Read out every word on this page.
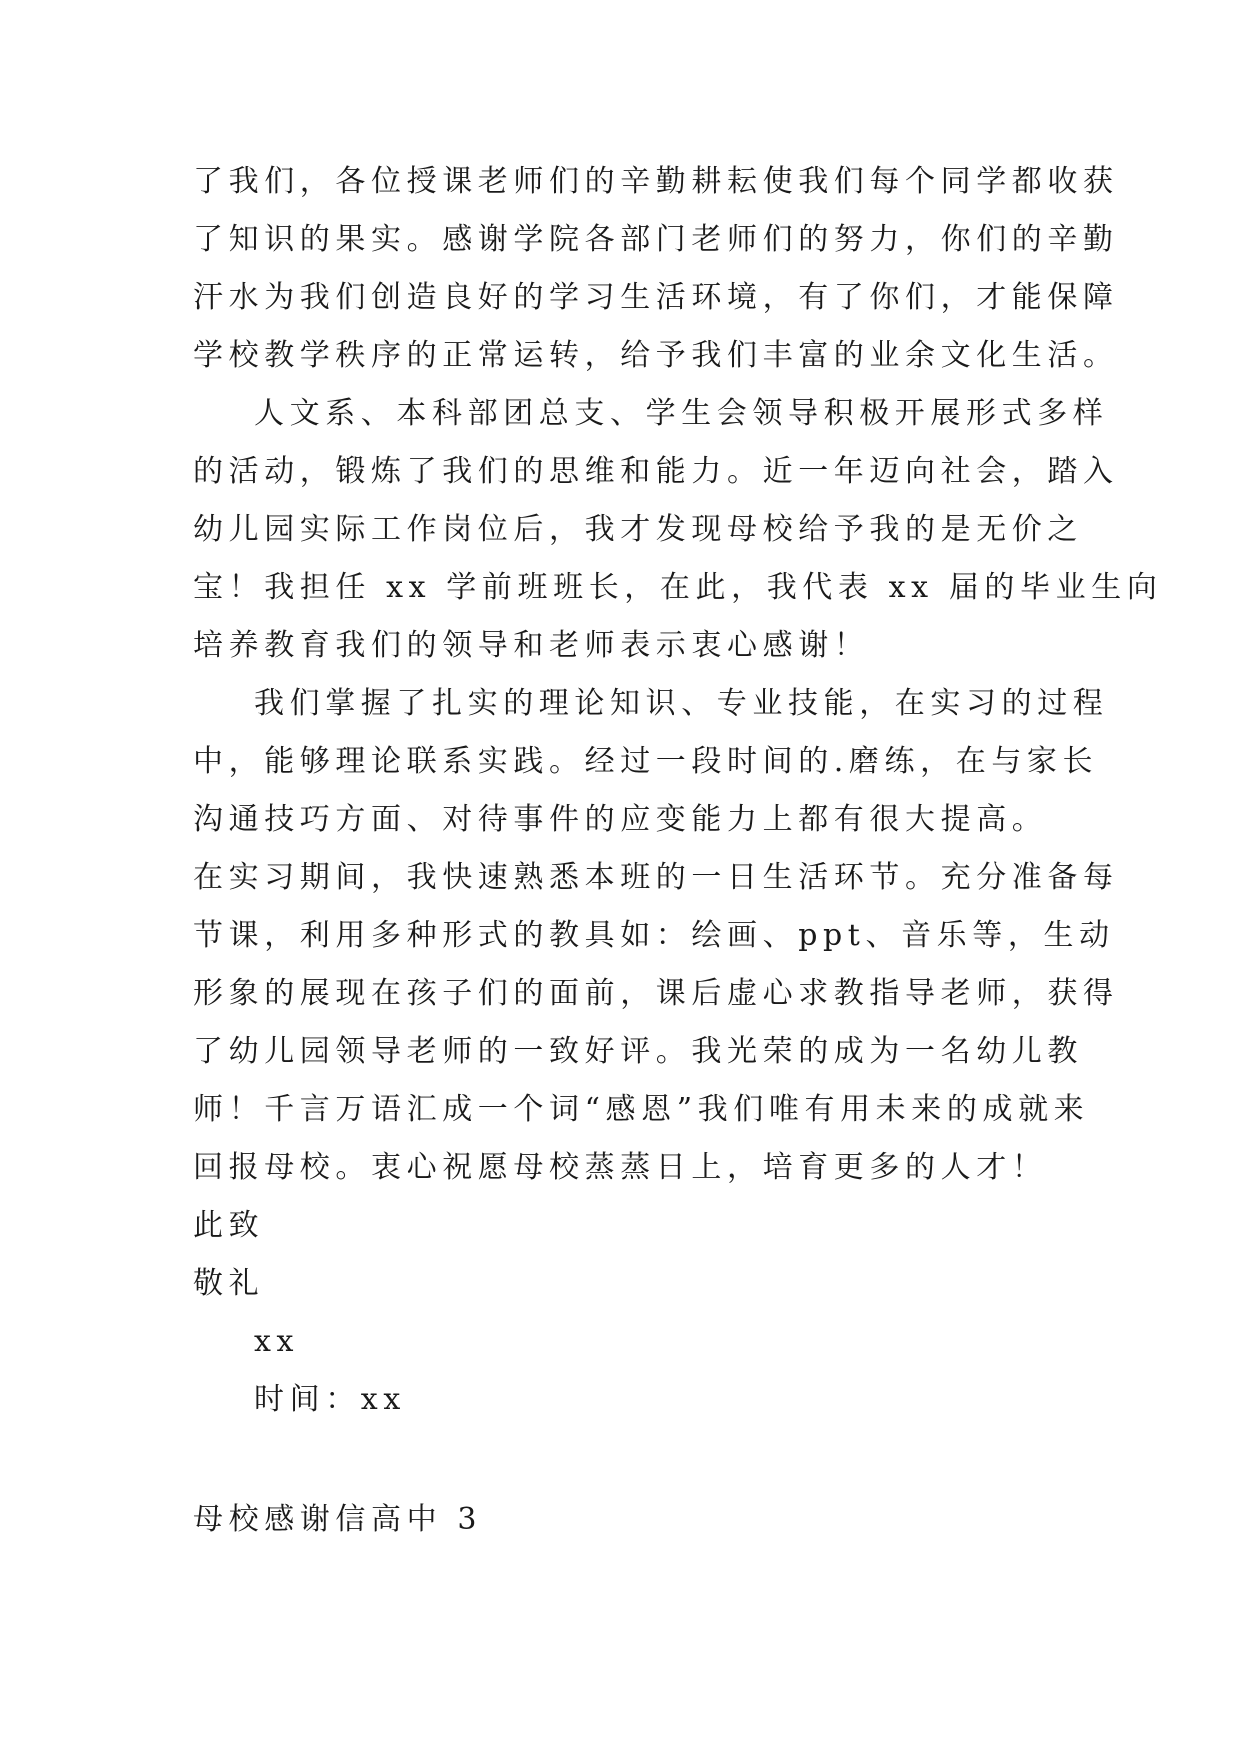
了我们，各位授课老师们的辛勤耕耘使我们每个同学都收获
了知识的果实。感谢学院各部门老师们的努力，你们的辛勤
汗水为我们创造良好的学习生活环境，有了你们，才能保障
学校教学秩序的正常运转，给予我们丰富的业余文化生活。
人文系、本科部团总支、学生会领导积极开展形式多样
的活动，锻炼了我们的思维和能力。近一年迈向社会，踏入
幼儿园实际工作岗位后，我才发现母校给予我的是无价之
宝！我担任 xx 学前班班长，在此，我代表 xx 届的毕业生向
培养教育我们的领导和老师表示衷心感谢！
我们掌握了扎实的理论知识、专业技能，在实习的过程
中，能够理论联系实践。经过一段时间的.磨练，在与家长
沟通技巧方面、对待事件的应变能力上都有很大提高。
在实习期间，我快速熟悉本班的一日生活环节。充分准备每
节课，利用多种形式的教具如：绘画、ppt、音乐等，生动
形象的展现在孩子们的面前，课后虚心求教指导老师，获得
了幼儿园领导老师的一致好评。我光荣的成为一名幼儿教
师！千言万语汇成一个词“感恩”我们唯有用未来的成就来
回报母校。衷心祝愿母校蒸蒸日上，培育更多的人才！
此致
敬礼
xx
时间：xx
母校感谢信高中 3
